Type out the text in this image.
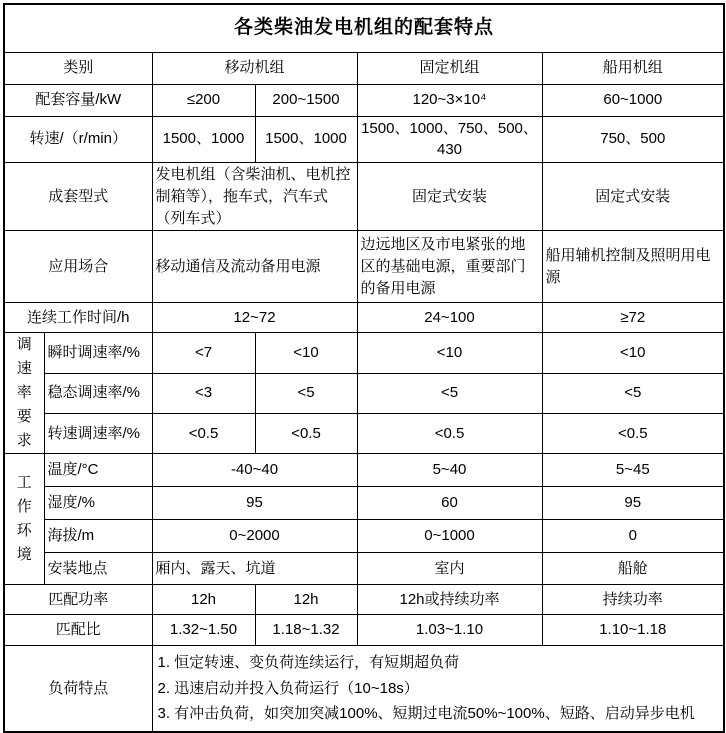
各类柴油发电机组的配套特点					
类别		移动机组		固定机组	船用机组
配套容量/kW		≤200	200~1500	120~3×10⁴	60~1000
转速/（r/min）		1500、1000	1500、1000	1500、1000、750、500、430	750、500
成套型式		发电机组（含柴油机、电机控制箱等），拖车式，汽车式（列车式）		固定式安装	固定式安装
应用场合		移动通信及流动备用电源		边远地区及市电紧张的地区的基础电源，重要部门的备用电源	船用辅机控制及照明用电源
连续工作时间/h		12~72		24~100	≥72
调速率要求	瞬时调速率/%	<7	<10	<10	<10
	稳态调速率/%	<3	<5	<5	<5
	转速调速率/%	<0.5	<0.5	<0.5	<0.5
工作环境	温度/°C	-40~40		5~40	5~45
	湿度/%	95		60	95
	海拔/m	0~2000		0~1000	0
	安装地点	厢内、露天、坑道		室内	船舱
匹配功率		12h	12h	12h或持续功率	持续功率
匹配比		1.32~1.50	1.18~1.32	1.03~1.10	1.10~1.18
负荷特点		1. 恒定转速、变负荷连续运行，有短期超负荷
2. 迅速启动并投入负荷运行（10~18s）
3. 有冲击负荷，如突加突减100%、短期过电流50%~100%、短路、启动异步电机			
